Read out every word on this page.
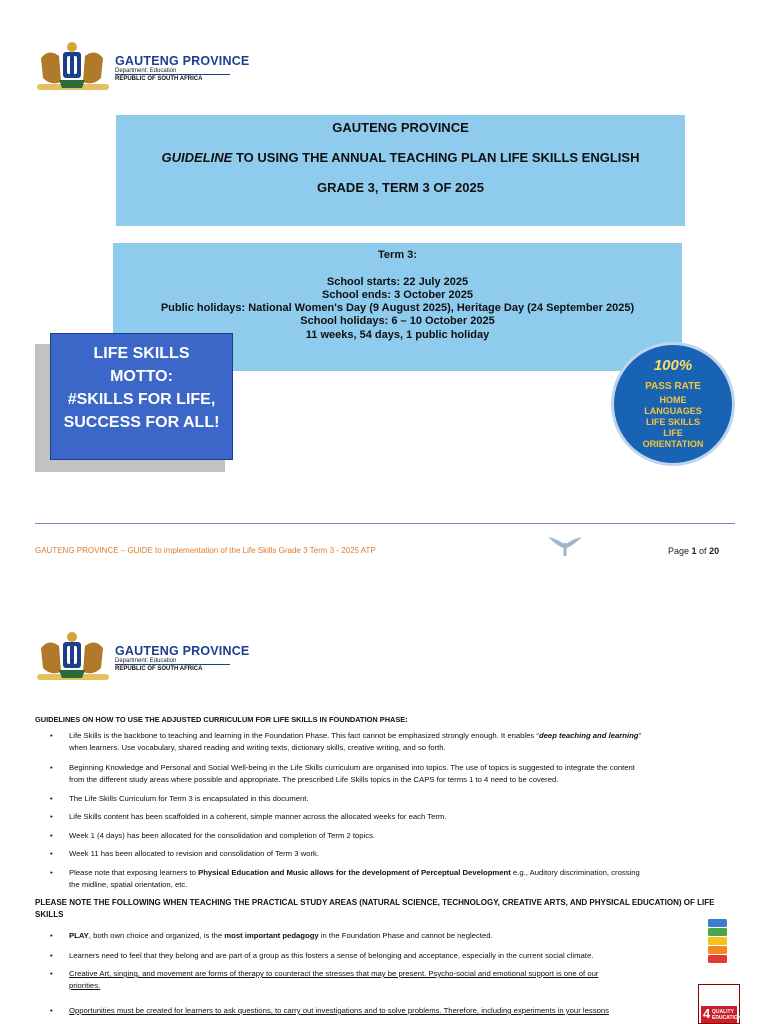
GAUTENG PROVINCE
Department: Education
REPUBLIC OF SOUTH AFRICA
GAUTENG PROVINCE
GUIDELINE TO USING THE ANNUAL TEACHING PLAN LIFE SKILLS ENGLISH
GRADE 3, TERM 3 OF 2025
Term 3:
School starts: 22 July 2025
School ends: 3 October 2025
Public holidays: National Women's Day (9 August 2025), Heritage Day (24 September 2025)
School holidays: 6 – 10 October 2025
11 weeks, 54 days, 1 public holiday
LIFE SKILLS
MOTTO:
#SKILLS FOR LIFE,
SUCCESS FOR ALL!
100%
PASS RATE
HOME
LANGUAGES
LIFE SKILLS
LIFE
ORIENTATION
GAUTENG PROVINCE – GUIDE to implementation of the Life Skills Grade 3 Term 3 - 2025 ATP	Page 1 of 20
GAUTENG PROVINCE
Department: Education
REPUBLIC OF SOUTH AFRICA
GUIDELINES ON HOW TO USE THE ADJUSTED CURRICULUM FOR LIFE SKILLS IN FOUNDATION PHASE:
• Life Skills is the backbone to teaching and learning in the Foundation Phase. This fact cannot be emphasized strongly enough. It enables “deep teaching and learning”
when learners. Use vocabulary, shared reading and writing texts, dictionary skills, creative writing, and so forth.
• Beginning Knowledge and Personal and Social Well-being in the Life Skills curriculum are organised into topics. The use of topics is suggested to integrate the content
from the different study areas where possible and appropriate. The prescribed Life Skills topics in the CAPS for terms 1 to 4 need to be covered.
• The Life Skills Curriculum for Term 3 is encapsulated in this document.
• Life Skills content has been scaffolded in a coherent, simple manner across the allocated weeks for each Term.
• Week 1 (4 days) has been allocated for the consolidation and completion of Term 2 topics.
• Week 11 has been allocated to revision and consolidation of Term 3 work.
• Please note that exposing learners to Physical Education and Music allows for the development of Perceptual Development e.g., Auditory discrimination, crossing
the midline, spatial orientation, etc.
PLEASE NOTE THE FOLLOWING WHEN TEACHING THE PRACTICAL STUDY AREAS (NATURAL SCIENCE, TECHNOLOGY, CREATIVE ARTS, AND PHYSICAL EDUCATION) OF LIFE SKILLS
• PLAY, both own choice and organized, is the most important pedagogy in the Foundation Phase and cannot be neglected.
• Learners need to feel that they belong and are part of a group as this fosters a sense of belonging and acceptance, especially in the current social climate.
• Creative Art, singing, and movement are forms of therapy to counteract the stresses that may be present. Psycho-social and emotional support is one of our
priorities.
• Opportunities must be created for learners to ask questions, to carry out investigations and to solve problems. Therefore, including experiments in your lessons	4 QUALITY
EDUCATION
